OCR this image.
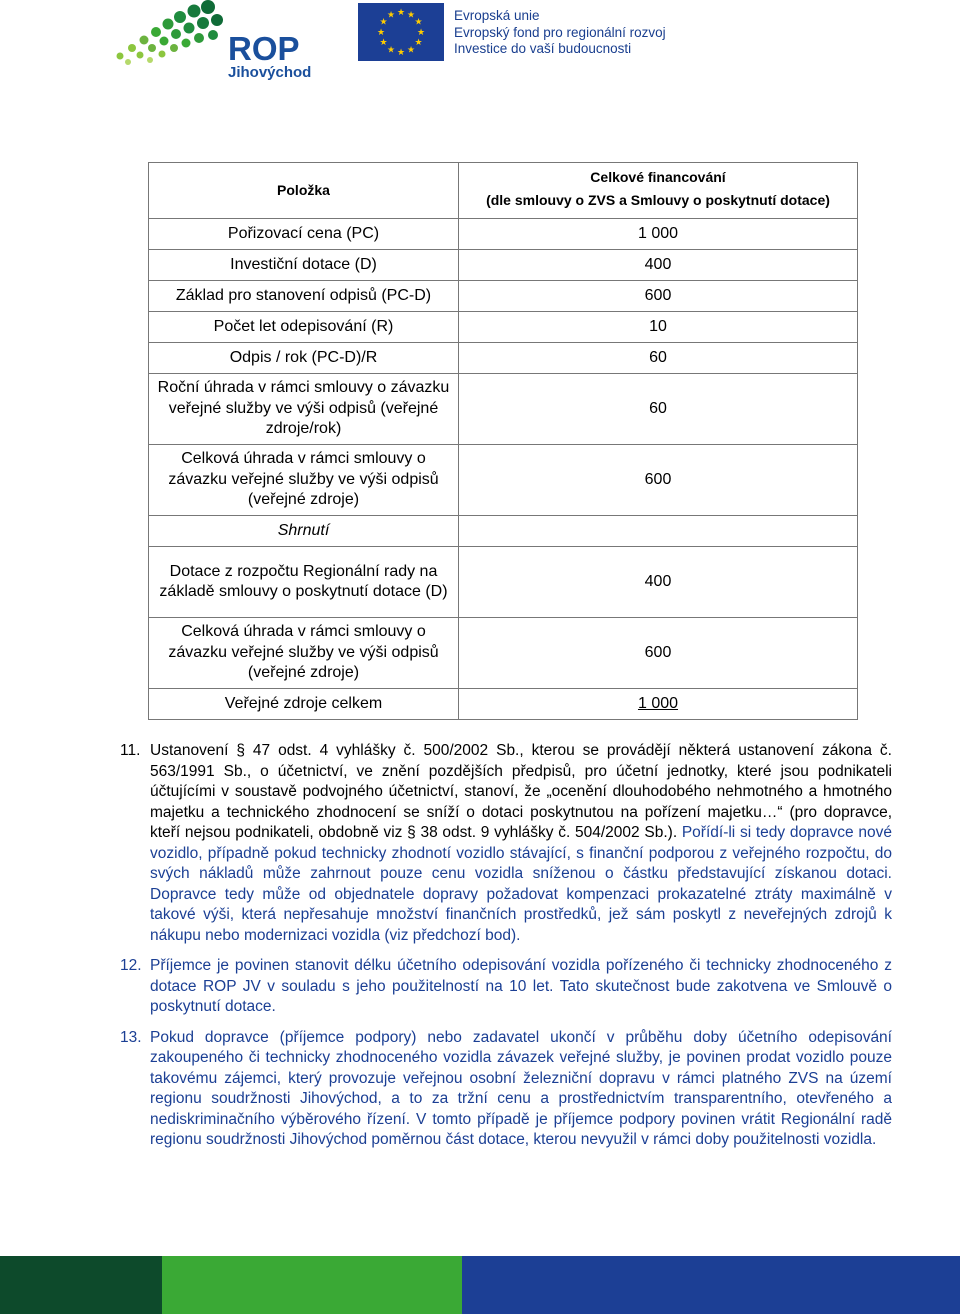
ROP
Jihovýchod
★ ★
★
★
★
★
★
★
★
★
★
★	Evropská unie
Evropský fond pro regionální rozvoj
Investice do vaší budoucnosti
Položka	Celkové financování
(dle smlouvy o ZVS a Smlouvy o poskytnutí dotace)

Pořizovací cena (PC)	1 000
Investiční dotace (D)	400
Základ pro stanovení odpisů (PC-D)	600
Počet let odepisování (R)	10
Odpis / rok (PC-D)/R	60
Roční úhrada v rámci smlouvy o závazku veřejné služby ve výši odpisů (veřejné zdroje/rok)	60
Celková úhrada v rámci smlouvy o závazku veřejné služby ve výši odpisů (veřejné zdroje)	600
Shrnutí	
Dotace z rozpočtu Regionální rady na základě smlouvy o poskytnutí dotace (D)	400
Celková úhrada v rámci smlouvy o závazku veřejné služby ve výši odpisů (veřejné zdroje)	600
Veřejné zdroje celkem	1 000
11. Ustanovení § 47 odst. 4 vyhlášky č. 500/2002 Sb., kterou se provádějí některá ustanovení zákona č. 563/1991 Sb., o účetnictví, ve znění pozdějších předpisů, pro účetní jednotky, které jsou podnikateli účtujícími v soustavě podvojného účetnictví, stanoví, že „ocenění dlouhodobého nehmotného a hmotného majetku a technického zhodnocení se sníží o dotaci poskytnutou na pořízení majetku…“ (pro dopravce, kteří nejsou podnikateli, obdobně viz § 38 odst. 9 vyhlášky č. 504/2002 Sb.). Pořídí-li si tedy dopravce nové vozidlo, případně pokud technicky zhodnotí vozidlo stávající, s finanční podporou z veřejného rozpočtu, do svých nákladů může zahrnout pouze cenu vozidla sníženou o částku představující získanou dotaci. Dopravce tedy může od objednatele dopravy požadovat kompenzaci prokazatelné ztráty maximálně v takové výši, která nepřesahuje množství finančních prostředků, jež sám poskytl z neveřejných zdrojů k nákupu nebo modernizaci vozidla (viz předchozí bod).
12. Příjemce je povinen stanovit délku účetního odepisování vozidla pořízeného či technicky zhodnoceného z dotace ROP JV v souladu s jeho použitelností na 10 let. Tato skutečnost bude zakotvena ve Smlouvě o poskytnutí dotace.
13. Pokud dopravce (příjemce podpory) nebo zadavatel ukončí v průběhu doby účetního odepisování zakoupeného či technicky zhodnoceného vozidla závazek veřejné služby, je povinen prodat vozidlo pouze takovému zájemci, který provozuje veřejnou osobní železniční dopravu v rámci platného ZVS na území regionu soudržnosti Jihovýchod, a to za tržní cenu a prostřednictvím transparentního, otevřeného a nediskriminačního výběrového řízení. V tomto případě je příjemce podpory povinen vrátit Regionální radě regionu soudržnosti Jihovýchod poměrnou část dotace, kterou nevyužil v rámci doby použitelnosti vozidla.
